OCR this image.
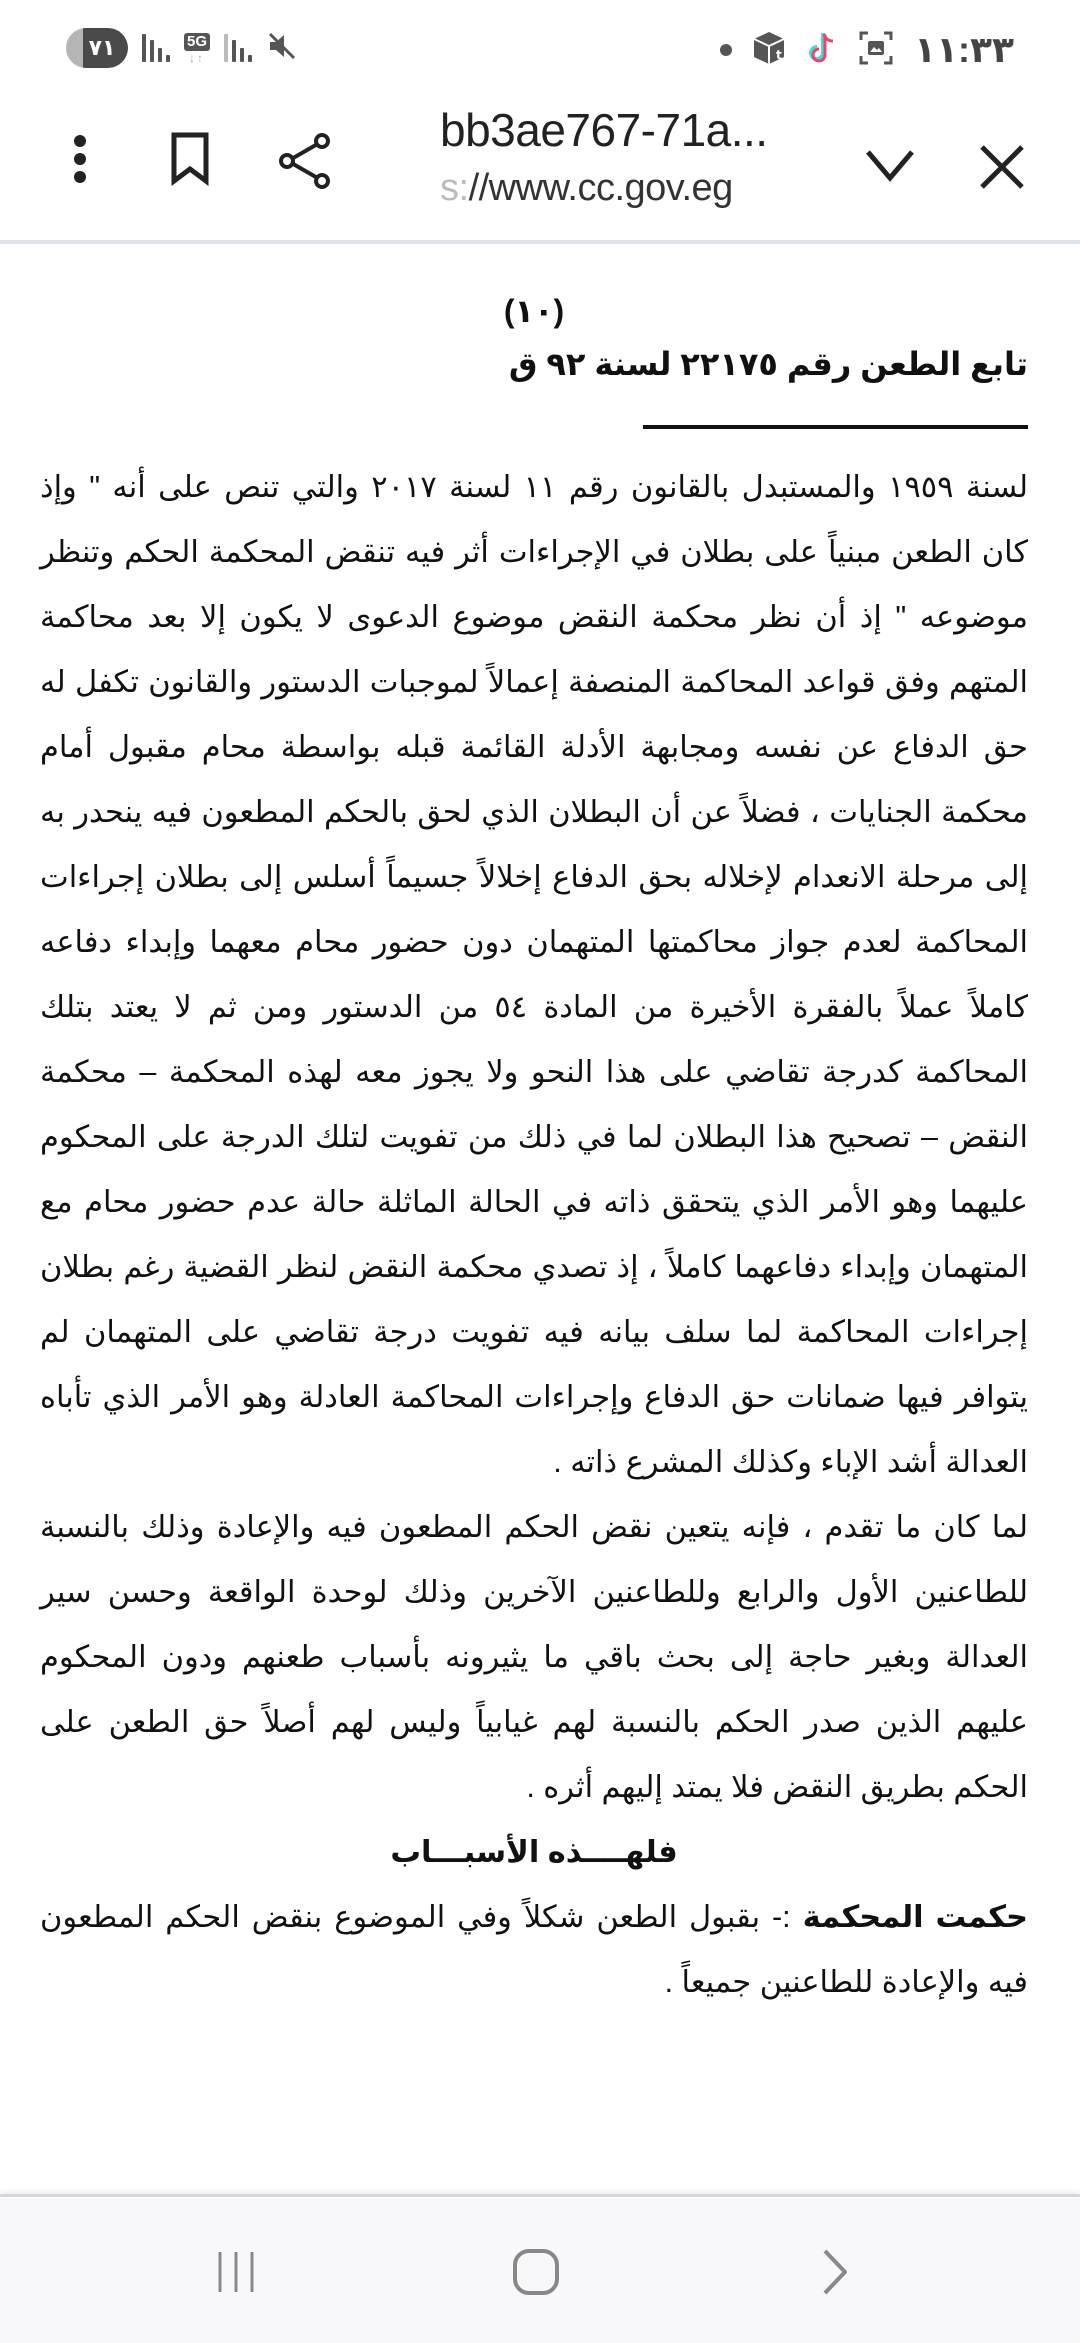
٧١	5G
↓↑	t	١١:٣٣
bb3ae767-71a...
s://www.cc.gov.eg
(١٠)
تابع الطعن رقم ٢٢١٧٥ لسنة ٩٢ ق

لسنة ١٩٥٩ والمستبدل بالقانون رقم ١١ لسنة ٢٠١٧ والتي تنص على أنه " وإذ كان الطعن مبنياً على بطلان في الإجراءات أثر فيه تنقض المحكمة الحكم وتنظر موضوعه " إذ أن نظر محكمة النقض موضوع الدعوى لا يكون إلا بعد محاكمة المتهم وفق قواعد المحاكمة المنصفة إعمالاً لموجبات الدستور والقانون تكفل له حق الدفاع عن نفسه ومجابهة الأدلة القائمة قبله بواسطة محام مقبول أمام محكمة الجنايات ، فضلاً عن أن البطلان الذي لحق بالحكم المطعون فيه ينحدر به إلى مرحلة الانعدام لإخلاله بحق الدفاع إخلالاً جسيماً أسلس إلى بطلان إجراءات المحاكمة لعدم جواز محاكمتها المتهمان دون حضور محام معهما وإبداء دفاعه كاملاً عملاً بالفقرة الأخيرة من المادة ٥٤ من الدستور ومن ثم لا يعتد بتلك المحاكمة كدرجة تقاضي على هذا النحو ولا يجوز معه لهذه المحكمة – محكمة النقض – تصحيح هذا البطلان لما في ذلك من تفويت لتلك الدرجة على المحكوم عليهما وهو الأمر الذي يتحقق ذاته في الحالة الماثلة حالة عدم حضور محام مع المتهمان وإبداء دفاعهما كاملاً ، إذ تصدي محكمة النقض لنظر القضية رغم بطلان إجراءات المحاكمة لما سلف بيانه فيه تفويت درجة تقاضي على المتهمان لم يتوافر فيها ضمانات حق الدفاع وإجراءات المحاكمة العادلة وهو الأمر الذي تأباه العدالة أشد الإباء وكذلك المشرع ذاته .

لما كان ما تقدم ، فإنه يتعين نقض الحكم المطعون فيه والإعادة وذلك بالنسبة للطاعنين الأول والرابع وللطاعنين الآخرين وذلك لوحدة الواقعة وحسن سير العدالة وبغير حاجة إلى بحث باقي ما يثيرونه بأسباب طعنهم ودون المحكوم عليهم الذين صدر الحكم بالنسبة لهم غيابياً وليس لهم أصلاً حق الطعن على الحكم بطريق النقض فلا يمتد إليهم أثره .

فلهــــذه الأسبـــاب

حكمت المحكمة :- بقبول الطعن شكلاً وفي الموضوع بنقض الحكم المطعون فيه والإعادة للطاعنين جميعاً .
